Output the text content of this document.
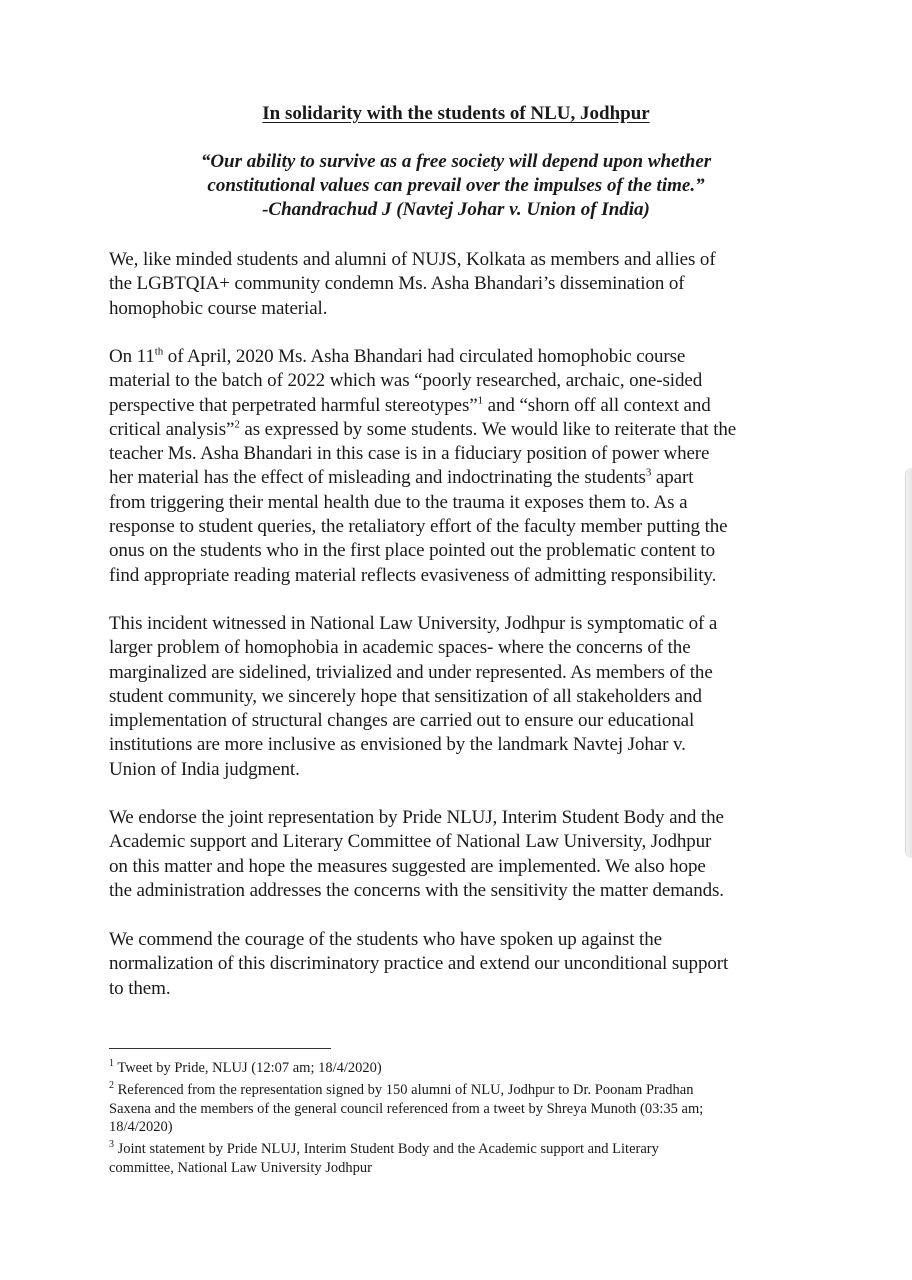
In solidarity with the students of NLU, Jodhpur
“Our ability to survive as a free society will depend upon whether
constitutional values can prevail over the impulses of the time.”
-Chandrachud J (Navtej Johar v. Union of India)
We, like minded students and alumni of NUJS, Kolkata as members and allies of
the LGBTQIA+ community condemn Ms. Asha Bhandari’s dissemination of
homophobic course material.
On 11th of April, 2020 Ms. Asha Bhandari had circulated homophobic course
material to the batch of 2022 which was “poorly researched, archaic, one-sided
perspective that perpetrated harmful stereotypes”$^1$ and “shorn off all context and
critical analysis”$^2$ as expressed by some students. We would like to reiterate that the
teacher Ms. Asha Bhandari in this case is in a fiduciary position of power where
her material has the effect of misleading and indoctrinating the students$^3$ apart
from triggering their mental health due to the trauma it exposes them to. As a
response to student queries, the retaliatory effort of the faculty member putting the
onus on the students who in the first place pointed out the problematic content to
find appropriate reading material reflects evasiveness of admitting responsibility.
This incident witnessed in National Law University, Jodhpur is symptomatic of a
larger problem of homophobia in academic spaces- where the concerns of the
marginalized are sidelined, trivialized and under represented. As members of the
student community, we sincerely hope that sensitization of all stakeholders and
implementation of structural changes are carried out to ensure our educational
institutions are more inclusive as envisioned by the landmark Navtej Johar v.
Union of India judgment.
We endorse the joint representation by Pride NLUJ, Interim Student Body and the
Academic support and Literary Committee of National Law University, Jodhpur
on this matter and hope the measures suggested are implemented. We also hope
the administration addresses the concerns with the sensitivity the matter demands.
We commend the courage of the students who have spoken up against the
normalization of this discriminatory practice and extend our unconditional support
to them.
$^1$ Tweet by Pride, NLUJ (12:07 am; 18/4/2020)
$^2$ Referenced from the representation signed by 150 alumni of NLU, Jodhpur to Dr. Poonam Pradhan
Saxena and the members of the general council referenced from a tweet by Shreya Munoth (03:35 am;
18/4/2020)
$^3$ Joint statement by Pride NLUJ, Interim Student Body and the Academic support and Literary
committee, National Law University Jodhpur
